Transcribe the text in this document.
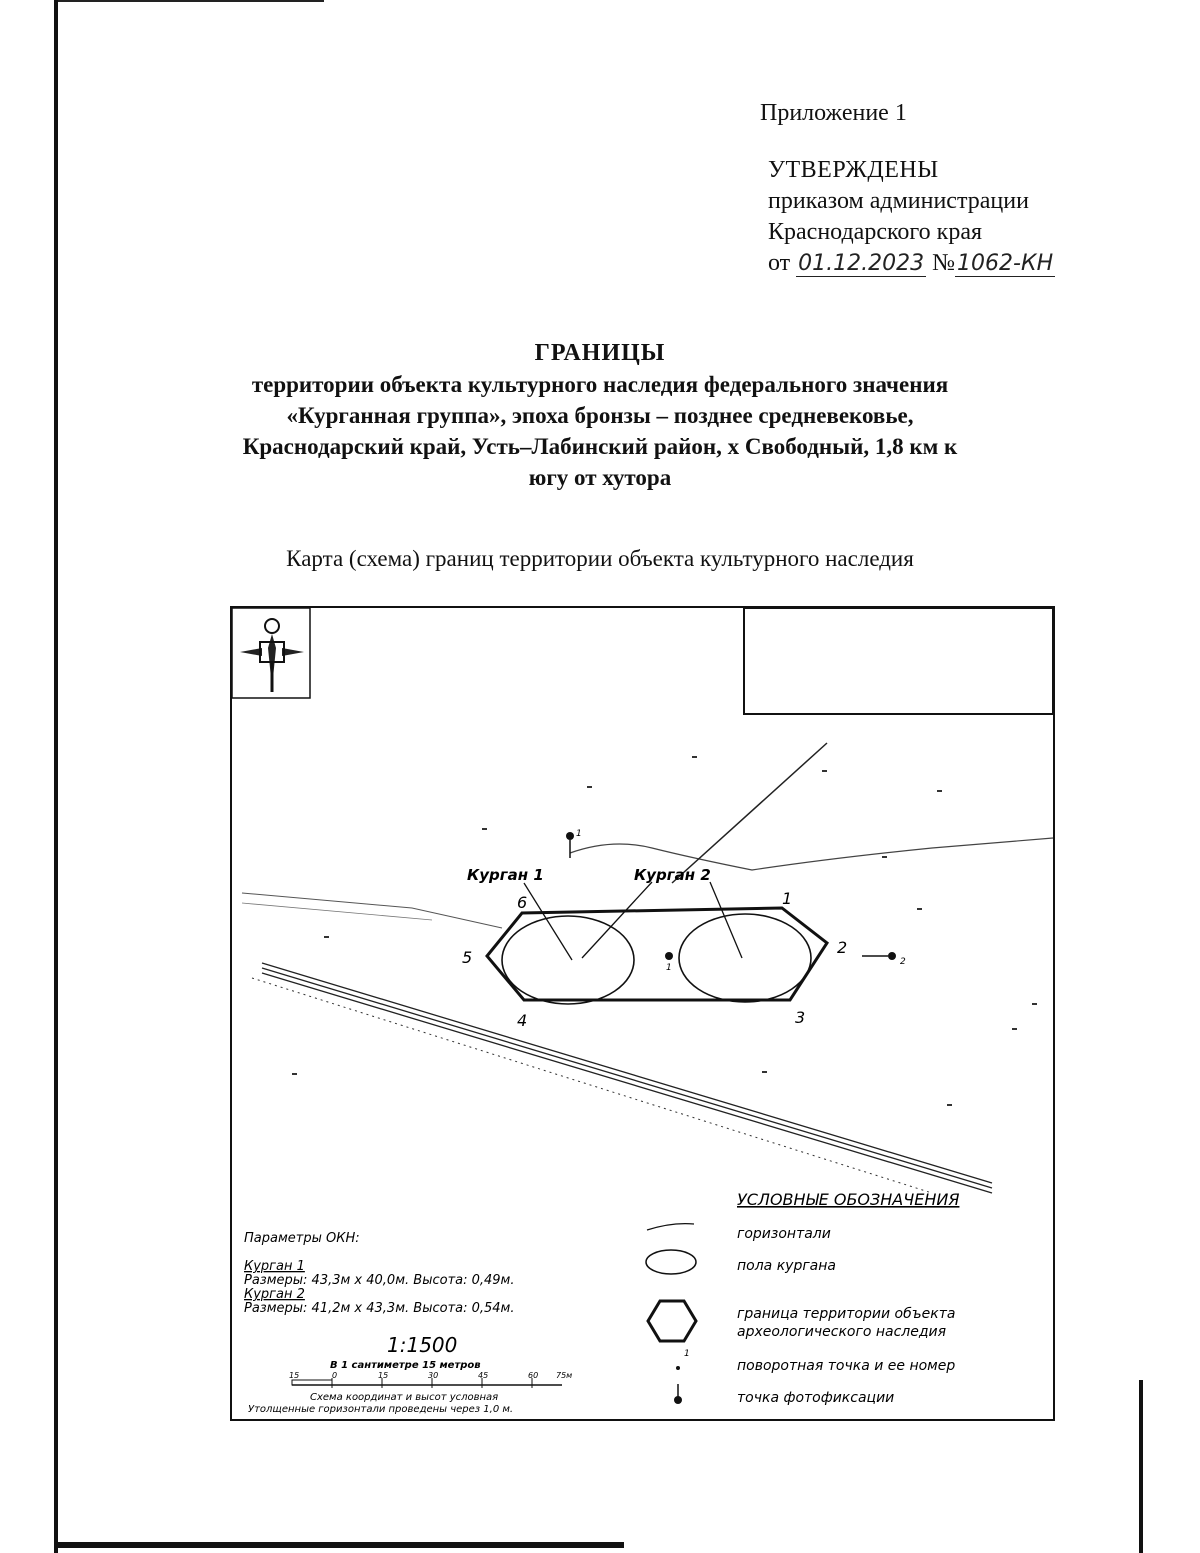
Приложение 1
УТВЕРЖДЕНЫ
приказом администрации
Краснодарского края
от 01.12.2023 №1062-КН
ГРАНИЦЫ
территории объекта культурного наследия федерального значения
«Курганная группа», эпоха бронзы – позднее средневековье,
Краснодарский край, Усть–Лабинский район, х Свободный, 1,8 км к
югу от хутора
Карта (схема) границ территории объекта культурного наследия
Курган 1	Курган 2
1
2
3
4
5
6
1
2
1
Параметры ОКН:
Курган 1
Размеры: 43,3м х 40,0м. Высота: 0,49м.
Курган 2
Размеры: 41,2м х 43,3м. Высота: 0,54м.
1:1500
В 1 сантиметре 15 метров
15	0	15	30	45	60 75м
Схема координат и высот условная
Утолщенные горизонтали проведены через 1,0 м.
УСЛОВНЫЕ ОБОЗНАЧЕНИЯ
горизонтали
пола кургана
граница территории объекта
археологического наследия
1
поворотная точка и ее номер
точка фотофиксации
